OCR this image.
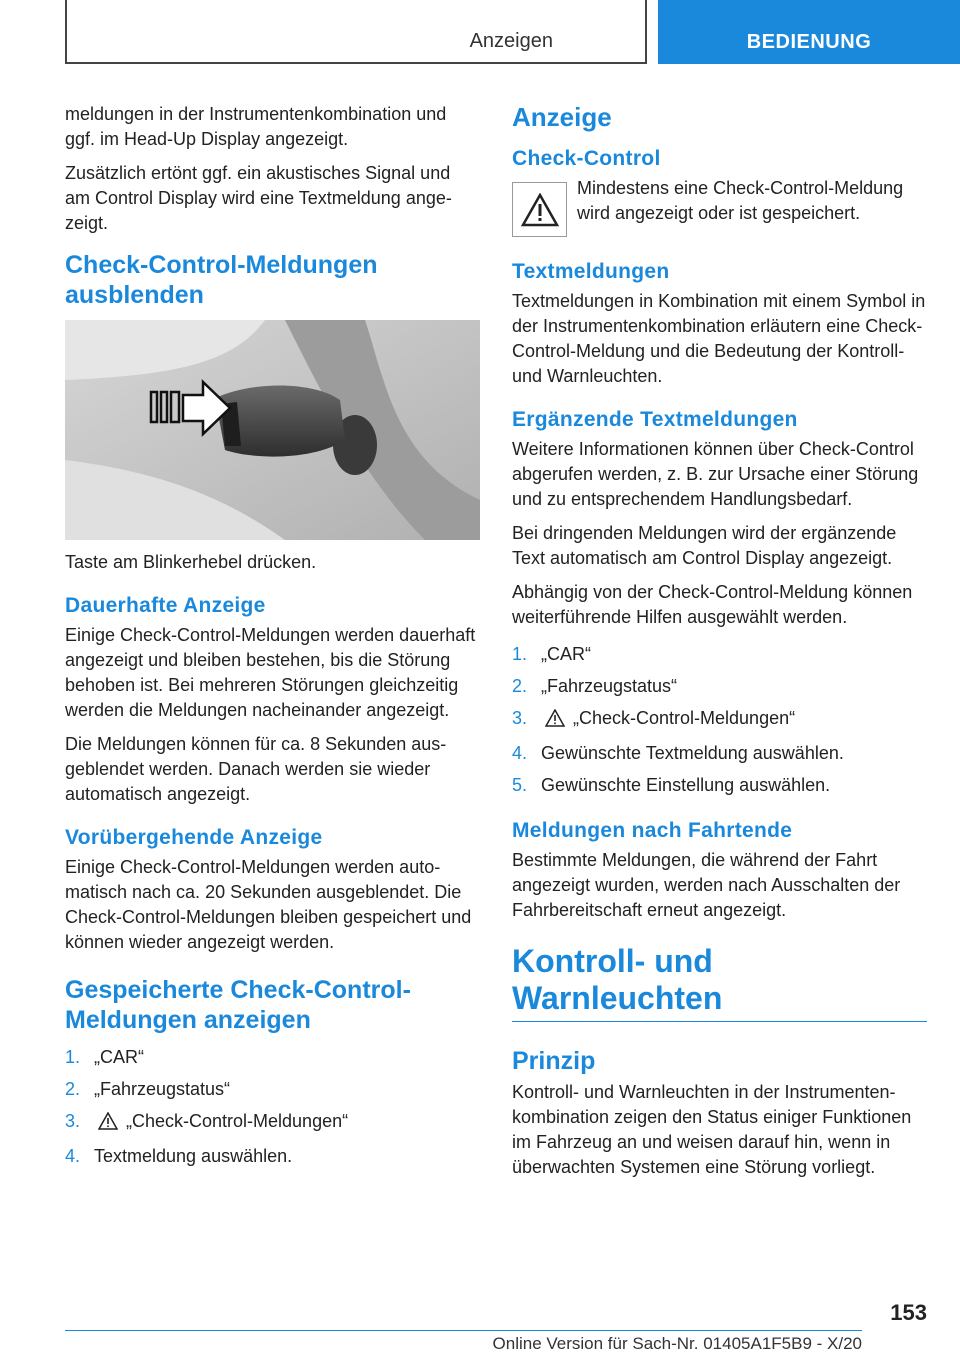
Anzeigen	BEDIENUNG

meldungen in der Instrumentenkombination und ggf. im Head-Up Display angezeigt.

Zusätzlich ertönt ggf. ein akustisches Signal und am Control Display wird eine Textmeldung angezeigt.

Check-Control-Meldungen ausblenden

Taste am Blinkerhebel drücken.

Dauerhafte Anzeige

Einige Check-Control-Meldungen werden dauerhaft angezeigt und bleiben bestehen, bis die Störung behoben ist. Bei mehreren Störungen gleichzeitig werden die Meldungen nacheinander angezeigt.

Die Meldungen können für ca. 8 Sekunden ausgeblendet werden. Danach werden sie wieder automatisch angezeigt.

Vorübergehende Anzeige

Einige Check-Control-Meldungen werden automatisch nach ca. 20 Sekunden ausgeblendet. Die Check-Control-Meldungen bleiben gespeichert und können wieder angezeigt werden.

Gespeicherte Check-Control-Meldungen anzeigen
1. „CAR“
2. „Fahrzeugstatus“
3.	„Check-Control-Meldungen“
4. Textmeldung auswählen.
Anzeige
Check-Control

Mindestens eine Check-Control-Meldung wird angezeigt oder ist gespeichert.

Textmeldungen

Textmeldungen in Kombination mit einem Symbol in der Instrumentenkombination erläutern eine Check-Control-Meldung und die Bedeutung der Kontroll- und Warnleuchten.

Ergänzende Textmeldungen

Weitere Informationen können über Check-Control abgerufen werden, z. B. zur Ursache einer Störung und zu entsprechendem Handlungsbedarf.

Bei dringenden Meldungen wird der ergänzende Text automatisch am Control Display angezeigt.

Abhängig von der Check-Control-Meldung können weiterführende Hilfen ausgewählt werden.

1. „CAR“
2. „Fahrzeugstatus“
3.	„Check-Control-Meldungen“
4. Gewünschte Textmeldung auswählen.
5. Gewünschte Einstellung auswählen.
Meldungen nach Fahrtende

Bestimmte Meldungen, die während der Fahrt angezeigt wurden, werden nach Ausschalten der Fahrbereitschaft erneut angezeigt.

Kontroll- und Warnleuchten
Prinzip

Kontroll- und Warnleuchten in der Instrumentenkombination zeigen den Status einiger Funktionen im Fahrzeug an und weisen darauf hin, wenn in überwachten Systemen eine Störung vorliegt.

153
Online Version für Sach-Nr. 01405A1F5B9 - X/20
